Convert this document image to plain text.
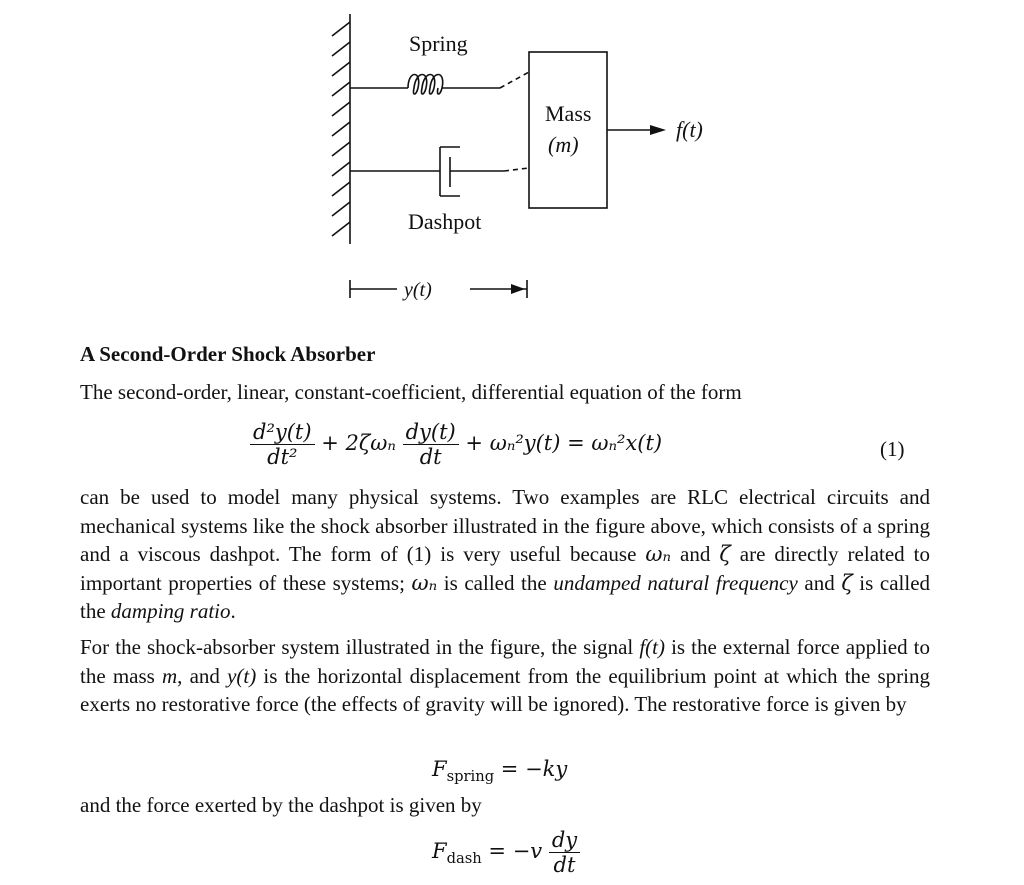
Spring
Dashpot
Mass
(m)
f(t)
y(t)
A Second-Order Shock Absorber
The second-order, linear, constant-coefficient, differential equation of the form
$\frac{\text{d²y(t)}}{\text{dt²}} + 2\zeta\omega_n \frac{dy(t)}{dt} + \omega_n^2y(t) = \omega_n^2x(t)$	(1)
can be used to model many physical systems. Two examples are RLC electrical circuits and mechanical systems like the shock absorber illustrated in the figure above, which consists of a spring and a viscous dashpot. The form of (1) is very useful because ωₙ and ζ are directly related to important properties of these systems; ωₙ is called the undamped natural frequency and ζ is called the damping ratio.
For the shock-absorber system illustrated in the figure, the signal f(t) is the external force applied to the mass m, and y(t) is the horizontal displacement from the equilibrium point at which the spring exerts no restorative force (the effects of gravity will be ignored). The restorative force is given by
$F_{spring} = -ky$
and the force exerted by the dashpot is given by
$F_{dash} = -v \frac{dy}{dt}$
